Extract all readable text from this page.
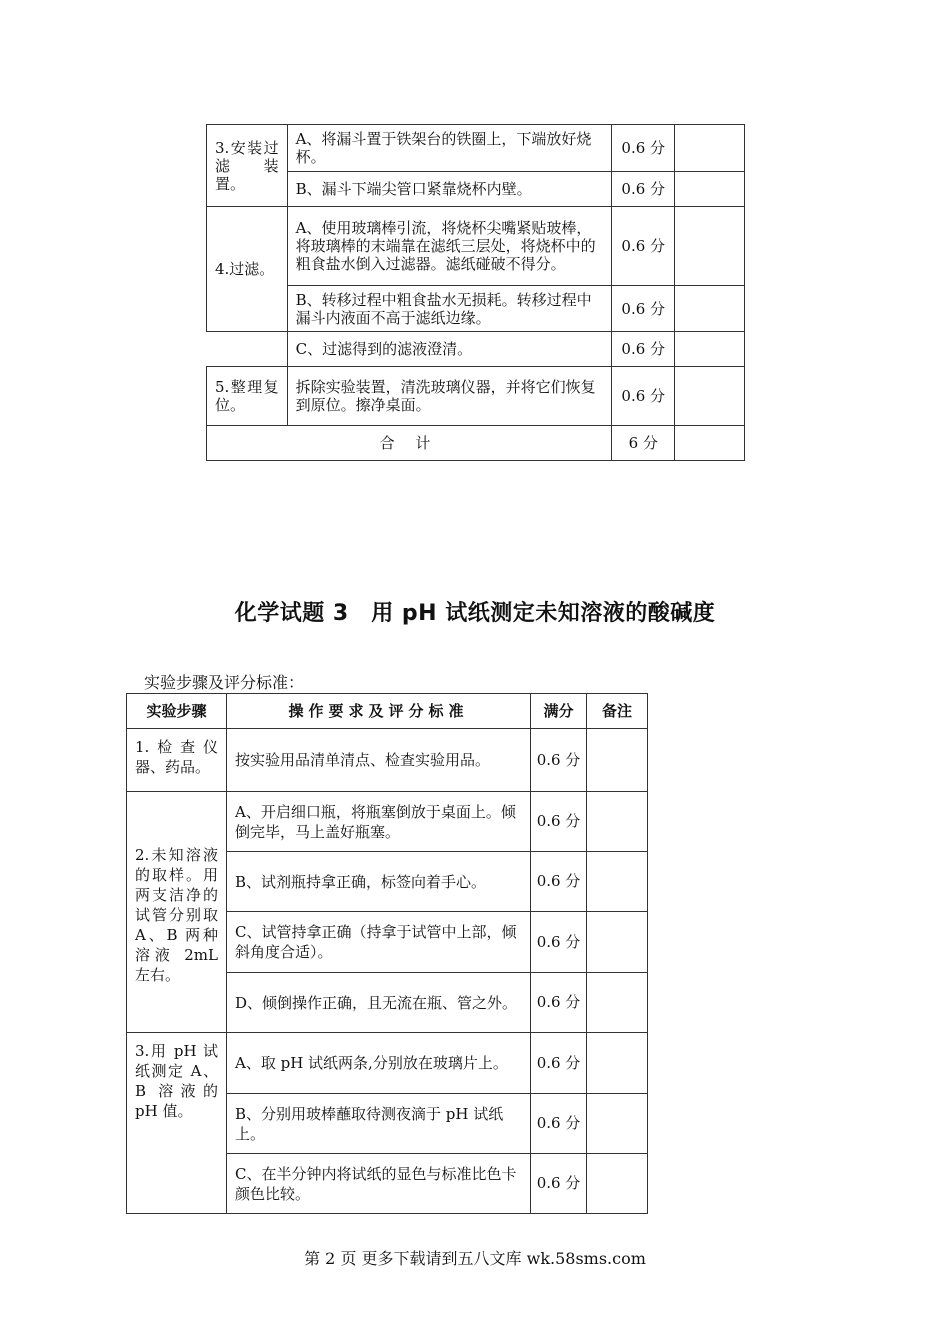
3.安装过滤 装置。	A、将漏斗置于铁架台的铁圈上，下端放好烧杯。	0.6 分	
	B、漏斗下端尖管口紧靠烧杯内壁。	0.6 分	
4.过滤。	A、使用玻璃棒引流，将烧杯尖嘴紧贴玻棒，将玻璃棒的末端靠在滤纸三层处，将烧杯中的粗食盐水倒入过滤器。滤纸碰破不得分。	0.6 分	
	B、转移过程中粗食盐水无损耗。转移过程中漏斗内液面不高于滤纸边缘。	0.6 分	
	C、过滤得到的滤液澄清。	0.6 分	
5.整理复位。	拆除实验装置，清洗玻璃仪器，并将它们恢复到原位。擦净桌面。	0.6 分	
合 计		6 分	
化学试题 3　用 pH 试纸测定未知溶液的酸碱度
实验步骤及评分标准：
实验步骤	操作要求及评分标准	满分	备注
1.检查仪器、药品。	按实验用品清单清点、检查实验用品。	0.6 分	
2.未知溶液的取样。用两支洁净的试管分别取 A、B 两种溶液 2mL 左右。	A、开启细口瓶，将瓶塞倒放于桌面上。倾倒完毕，马上盖好瓶塞。	0.6 分	
	B、试剂瓶持拿正确，标签向着手心。	0.6 分	
	C、试管持拿正确（持拿于试管中上部，倾斜角度合适）。	0.6 分	
	D、倾倒操作正确，且无流在瓶、管之外。	0.6 分	
3.用 pH 试纸测定 A、B 溶液的 pH 值。	A、取 pH 试纸两条,分别放在玻璃片上。	0.6 分	
	B、分别用玻棒蘸取待测夜滴于 pH 试纸上。	0.6 分	
	C、在半分钟内将试纸的显色与标准比色卡颜色比较。	0.6 分	
第 2 页 更多下载请到五八文库 wk.58sms.com
